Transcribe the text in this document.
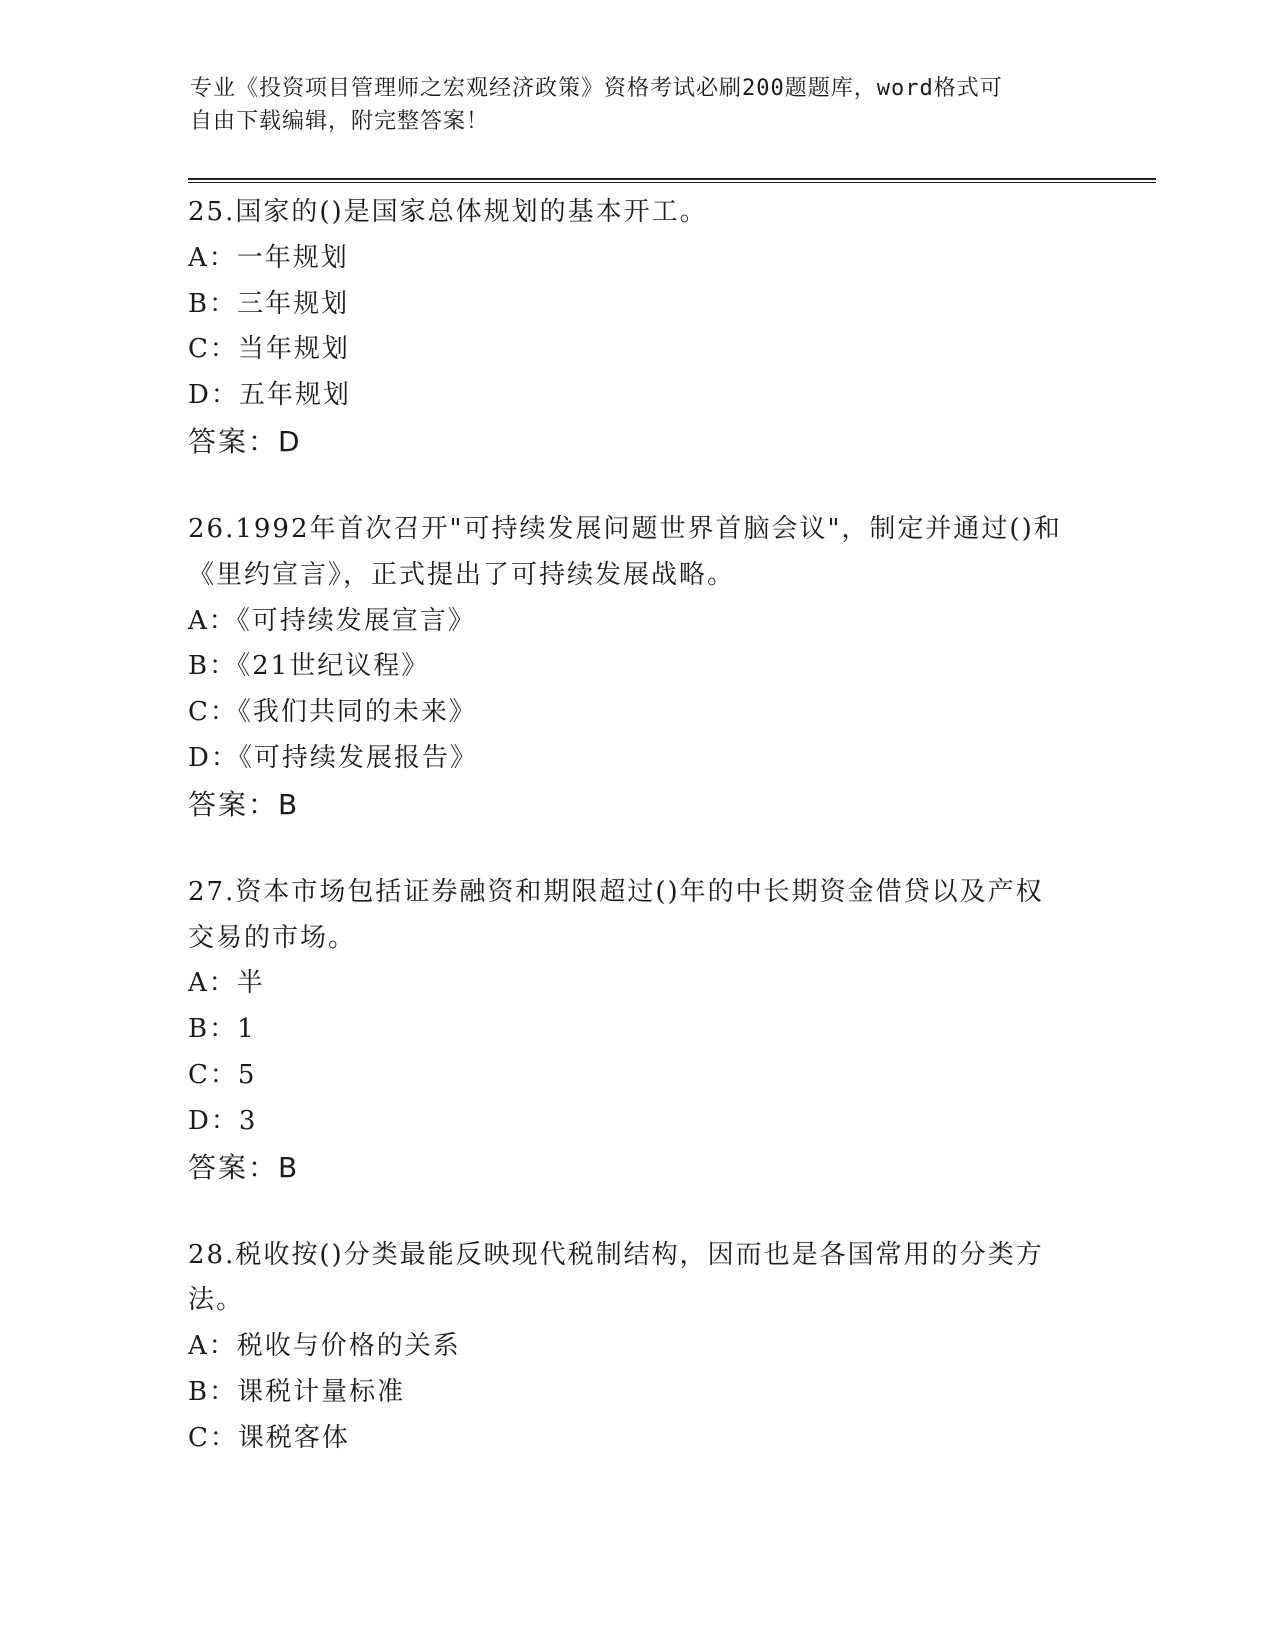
专业《投资项目管理师之宏观经济政策》资格考试必刷200题题库，word格式可
自由下载编辑，附完整答案！
25.国家的()是国家总体规划的基本开工。
A：一年规划
B：三年规划
C：当年规划
D：五年规划
答案：D
26.1992年首次召开"可持续发展问题世界首脑会议"，制定并通过()和
《里约宣言》，正式提出了可持续发展战略。
A：《可持续发展宣言》
B：《21世纪议程》
C：《我们共同的未来》
D：《可持续发展报告》
答案：B
27.资本市场包括证券融资和期限超过()年的中长期资金借贷以及产权
交易的市场。
A：半
B：1
C：5
D：3
答案：B
28.税收按()分类最能反映现代税制结构，因而也是各国常用的分类方
法。
A：税收与价格的关系
B：课税计量标准
C：课税客体
